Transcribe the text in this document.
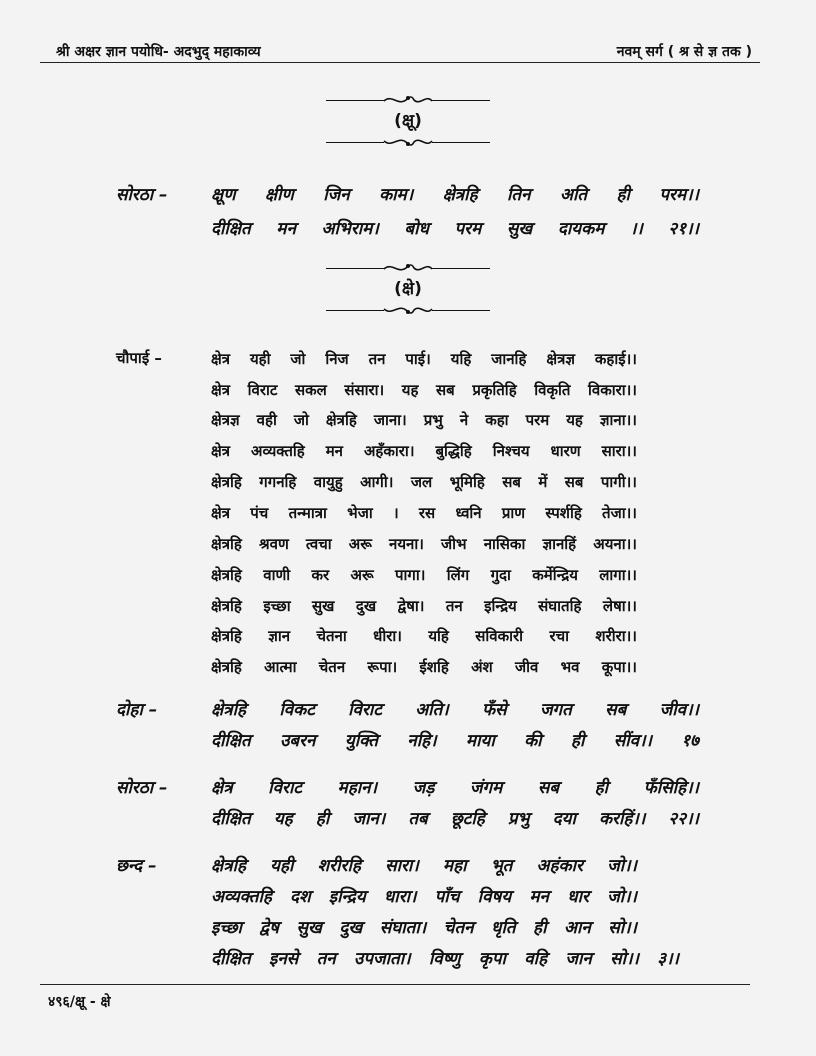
श्री अक्षर ज्ञान पयोधि- अदभुद् महाकाव्य	नवम् सर्ग ( श्र से ज्ञ तक )
(क्षू)
सोरठा –	क्षूण क्षीण जिन काम। क्षेत्रहि तिन अति ही परम।।
दीक्षित मन अभिराम। बोध परम सुख दायकम ।। २१।।
(क्षे)
चौपाई –	क्षेत्र यही जो निज तन पाई। यहि जानहि क्षेत्रज्ञ कहाई।।
क्षेत्र विराट सकल संसारा। यह सब प्रकृतिहि विकृति विकारा।।
क्षेत्रज्ञ वही जो क्षेत्रहि जाना। प्रभु ने कहा परम यह ज्ञाना।।
क्षेत्र अव्यक्तहि मन अहँकारा। बुद्धिहि निश्चय धारण सारा।।
क्षेत्रहि गगनहि वायुहु आगी। जल भूमिहि सब में सब पागी।।
क्षेत्र पंच तन्मात्रा भेजा । रस ध्वनि प्राण स्पर्शहि तेजा।।
क्षेत्रहि श्रवण त्वचा अरू नयना। जीभ नासिका ज्ञानहिं अयना।।
क्षेत्रहि वाणी कर अरू पागा। लिंग गुदा कर्मेन्द्रिय लागा।।
क्षेत्रहि इच्छा सुख दुख द्वेषा। तन इन्द्रिय संघातहि लेषा।।
क्षेत्रहि ज्ञान चेतना धीरा। यहि सविकारी रचा शरीरा।।
क्षेत्रहि आत्मा चेतन रूपा। ईशहि अंश जीव भव कूपा।।
दोहा –	क्षेत्रहि विकट विराट अति। फँसे जगत सब जीव।।
दीक्षित उबरन युक्ति नहि। माया की ही सींव।। १७
सोरठा –	क्षेत्र विराट महान। जड़ जंगम सब ही फँसिहि।।
दीक्षित यह ही जान। तब छूटहि प्रभु दया करहिं।। २२।।
छन्द –	क्षेत्रहि यही शरीरहि सारा। महा भूत अहंकार जो।।
अव्यक्तहि दश इन्द्रिय धारा। पाँच विषय मन धार जो।।
इच्छा द्वेष सुख दुख संघाता। चेतन धृति ही आन सो।।
दीक्षित इनसे तन उपजाता। विष्णु कृपा वहि जान सो।। ३।।
४९६/क्षू - क्षे
